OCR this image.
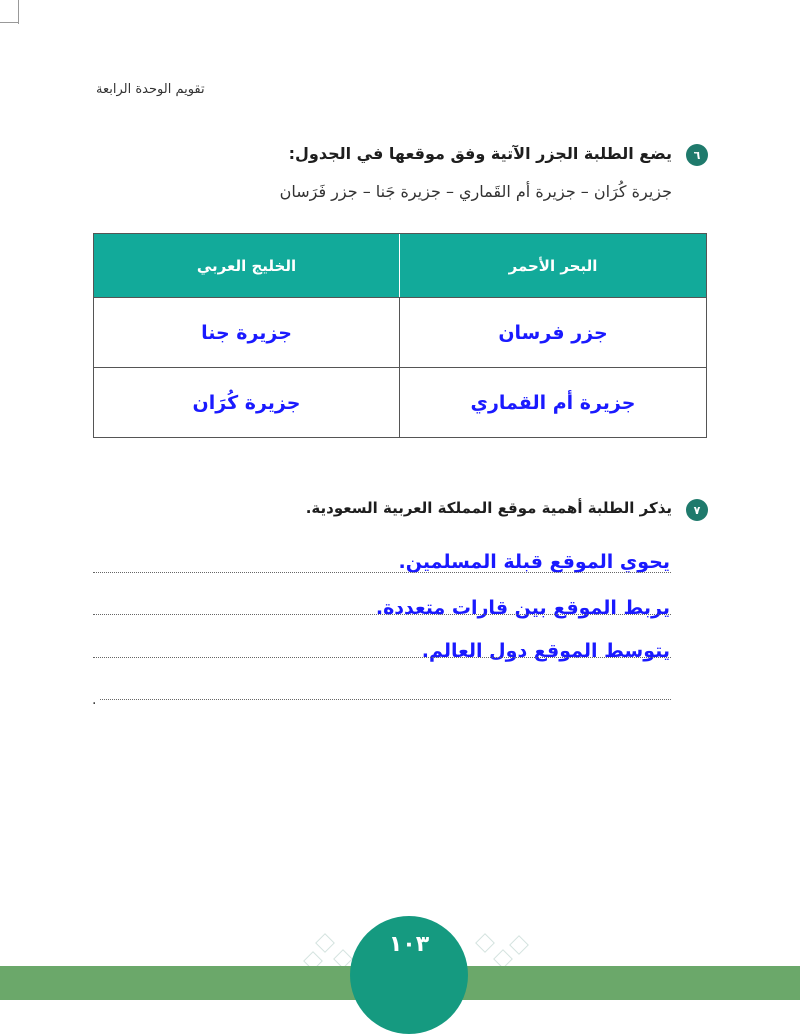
تقويم الوحدة الرابعة
٦
يضع الطلبة الجزر الآتية وفق موقعها في الجدول:
جزيرة كُرَان – جزيرة أم القَماري – جزيرة جَنا – جزر فَرَسان
الخليج العربي	البحر الأحمر
جزيرة جنا	جزر فرسان
جزيرة كُرَان	جزيرة أم القماري
٧
يذكر الطلبة أهمية موقع المملكة العربية السعودية.
يحوي الموقع قبلة المسلمين.
يربط الموقع بين قارات متعددة.
يتوسط الموقع دول العالم.
.
١٠٣
